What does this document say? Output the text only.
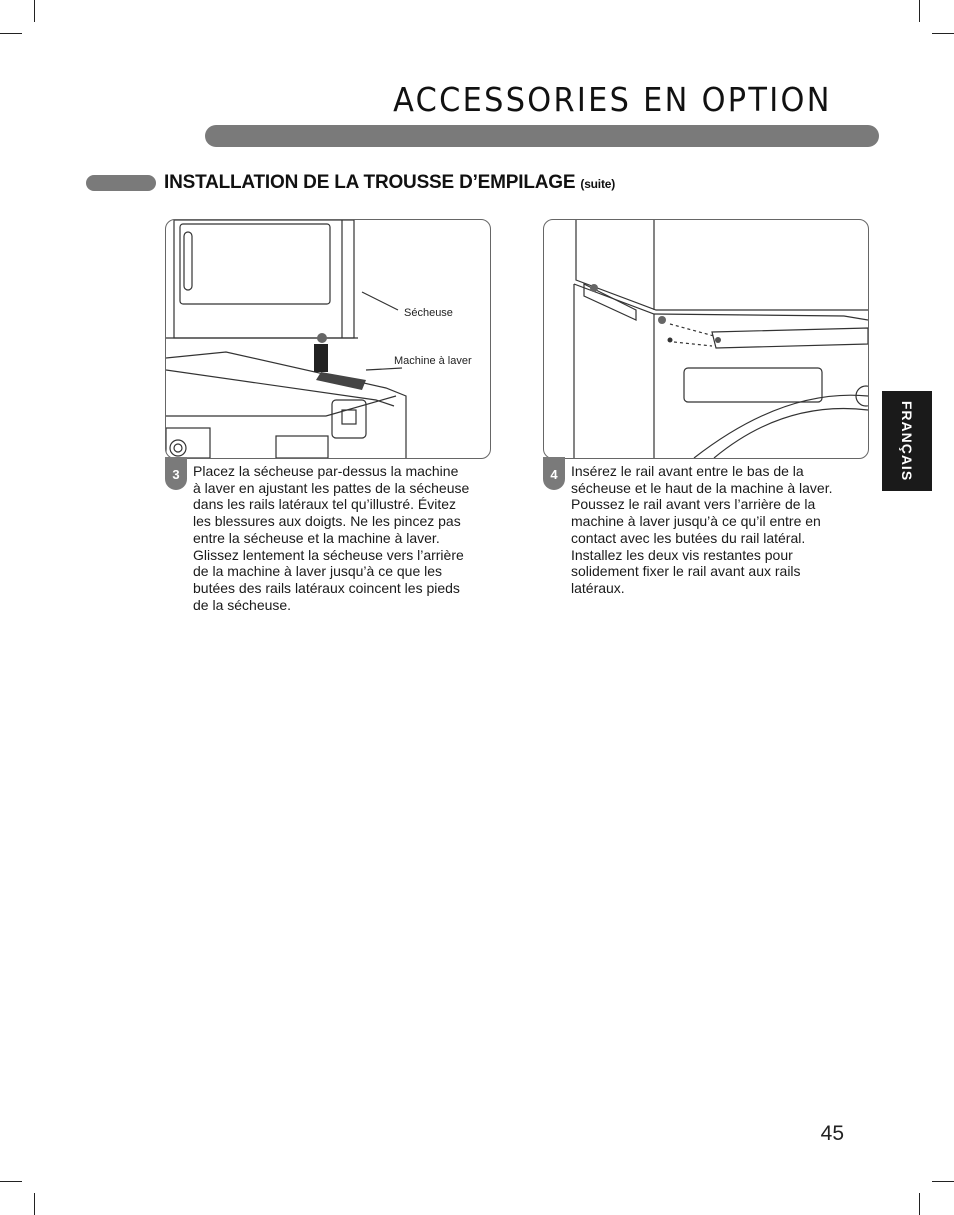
ACCESSORIES EN OPTION
INSTALLATION DE LA TROUSSE D’EMPILAGE (suite)
Sécheuse
Machine à laver
3 Placez la sécheuse par-dessus la machine
à laver en ajustant les pattes de la sécheuse
dans les rails latéraux tel qu’illustré. Évitez
les blessures aux doigts. Ne les pincez pas
entre la sécheuse et la machine à laver.
Glissez lentement la sécheuse vers l’arrière
de la machine à laver jusqu’à ce que les
butées des rails latéraux coincent les pieds
de la sécheuse.

4 Insérez le rail avant entre le bas de la
sécheuse et le haut de la machine à laver.
Poussez le rail avant vers l’arrière de la
machine à laver jusqu’à ce qu’il entre en
contact avec les butées du rail latéral.
Installez les deux vis restantes pour
solidement fixer le rail avant aux rails
latéraux.

FRANÇAIS

45
